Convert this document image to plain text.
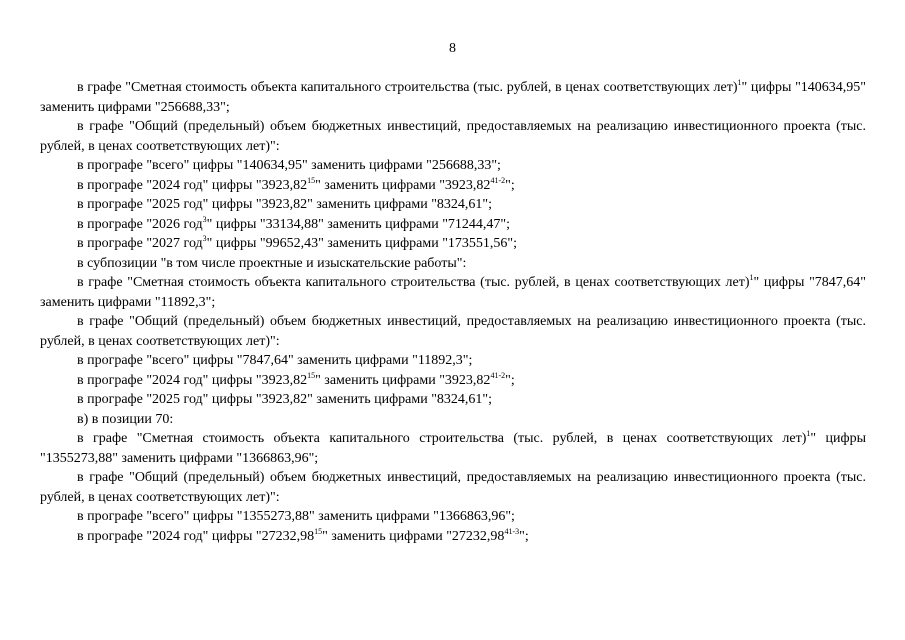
8

в графе "Сметная стоимость объекта капитального строительства (тыс. рублей, в ценах соответствующих лет)$^1$" цифры "140634,95" заменить цифрами "256688,33";

в графе "Общий (предельный) объем бюджетных инвестиций, предоставляемых на реализацию инвестиционного проекта (тыс. рублей, в ценах соответствующих лет)":

в прографе "всего" цифры "140634,95" заменить цифрами "256688,33";

в прографе "2024 год" цифры "3923,82$^{15}$" заменить цифрами "3923,82$^{41-2}$";

в прографе "2025 год" цифры "3923,82" заменить цифрами "8324,61";

в прографе "2026 год$^3$" цифры "33134,88" заменить цифрами "71244,47";

в прографе "2027 год$^3$" цифры "99652,43" заменить цифрами "173551,56";

в субпозиции "в том числе проектные и изыскательские работы":

в графе "Сметная стоимость объекта капитального строительства (тыс. рублей, в ценах соответствующих лет)$^1$" цифры "7847,64" заменить цифрами "11892,3";

в графе "Общий (предельный) объем бюджетных инвестиций, предоставляемых на реализацию инвестиционного проекта (тыс. рублей, в ценах соответствующих лет)":

в прографе "всего" цифры "7847,64" заменить цифрами "11892,3";

в прографе "2024 год" цифры "3923,82$^{15}$" заменить цифрами "3923,82$^{41-2}$";

в прографе "2025 год" цифры "3923,82" заменить цифрами "8324,61";

в) в позиции 70:

в графе "Сметная стоимость объекта капитального строительства (тыс. рублей, в ценах соответствующих лет)$^1$" цифры "1355273,88" заменить цифрами "1366863,96";

в графе "Общий (предельный) объем бюджетных инвестиций, предоставляемых на реализацию инвестиционного проекта (тыс. рублей, в ценах соответствующих лет)":

в прографе "всего" цифры "1355273,88" заменить цифрами "1366863,96";

в прографе "2024 год" цифры "27232,98$^{15}$" заменить цифрами "27232,98$^{41-3}$";
